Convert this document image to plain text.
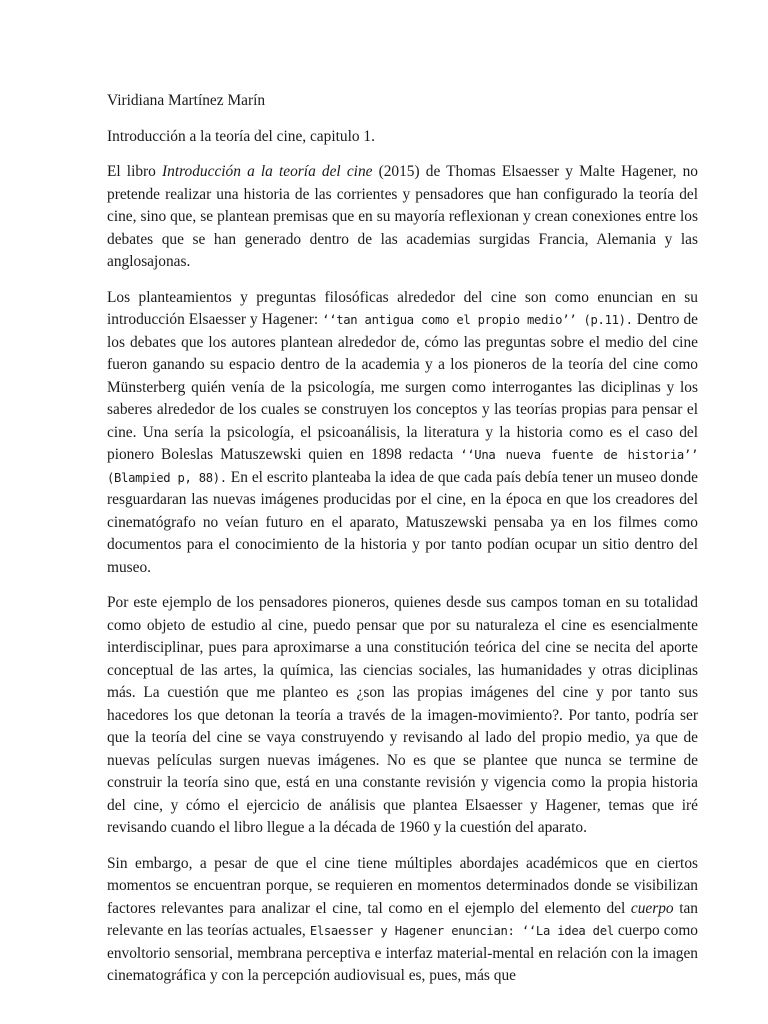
Viridiana Martínez Marín
Introducción a la teoría del cine, capitulo 1.

El libro Introducción a la teoría del cine (2015) de Thomas Elsaesser y Malte Hagener, no pretende realizar una historia de las corrientes y pensadores que han configurado la teoría del cine, sino que, se plantean premisas que en su mayoría reflexionan y crean conexiones entre los debates que se han generado dentro de las academias surgidas Francia, Alemania y las anglosajonas.

Los planteamientos y preguntas filosóficas alrededor del cine son como enuncian en su introducción Elsaesser y Hagener: ‘‘tan antigua como el propio medio’’ (p.11). Dentro de los debates que los autores plantean alrededor de, cómo las preguntas sobre el medio del cine fueron ganando su espacio dentro de la academia y a los pioneros de la teoría del cine como Münsterberg quién venía de la psicología, me surgen como interrogantes las diciplinas y los saberes alrededor de los cuales se construyen los conceptos y las teorías propias para pensar el cine. Una sería la psicología, el psicoanálisis, la literatura y la historia como es el caso del pionero Boleslas Matuszewski quien en 1898 redacta ‘‘Una nueva fuente de historia’’ (Blampied p, 88). En el escrito planteaba la idea de que cada país debía tener un museo donde resguardaran las nuevas imágenes producidas por el cine, en la época en que los creadores del cinematógrafo no veían futuro en el aparato, Matuszewski pensaba ya en los filmes como documentos para el conocimiento de la historia y por tanto podían ocupar un sitio dentro del museo.

Por este ejemplo de los pensadores pioneros, quienes desde sus campos toman en su totalidad como objeto de estudio al cine, puedo pensar que por su naturaleza el cine es esencialmente interdisciplinar, pues para aproximarse a una constitución teórica del cine se necita del aporte conceptual de las artes, la química, las ciencias sociales, las humanidades y otras diciplinas más. La cuestión que me planteo es ¿son las propias imágenes del cine y por tanto sus hacedores los que detonan la teoría a través de la imagen-movimiento?. Por tanto, podría ser que la teoría del cine se vaya construyendo y revisando al lado del propio medio, ya que de nuevas películas surgen nuevas imágenes. No es que se plantee que nunca se termine de construir la teoría sino que, está en una constante revisión y vigencia como la propia historia del cine, y cómo el ejercicio de análisis que plantea Elsaesser y Hagener, temas que iré revisando cuando el libro llegue a la década de 1960 y la cuestión del aparato.

Sin embargo, a pesar de que el cine tiene múltiples abordajes académicos que en ciertos momentos se encuentran porque, se requieren en momentos determinados donde se visibilizan factores relevantes para analizar el cine, tal como en el ejemplo del elemento del cuerpo tan relevante en las teorías actuales, Elsaesser y Hagener enuncian: ‘‘La idea del cuerpo como envoltorio sensorial, membrana perceptiva e interfaz material-mental en relación con la imagen cinematográfica y con la percepción audiovisual es, pues, más que
